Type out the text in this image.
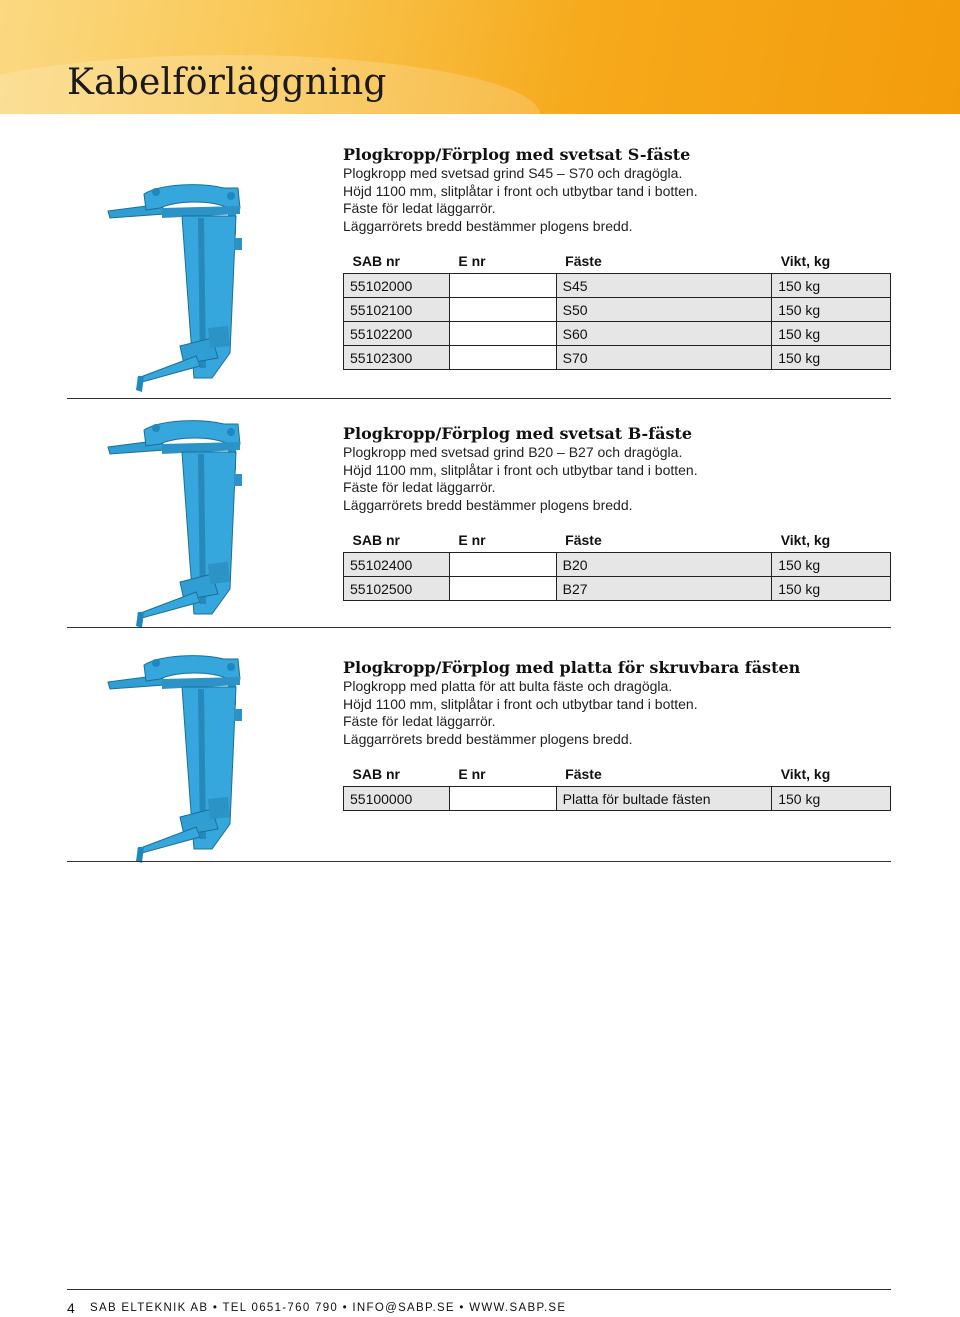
Kabelförläggning
Plogkropp/Förplog med svetsat S-fäste

Plogkropp med svetsad grind S45 – S70 och dragögla.

Höjd 1100 mm, slitplåtar i front och utbytbar tand i botten.

Fäste för ledat läggarrör.

Läggarrörets bredd bestämmer plogens bredd.

SAB nr	E nr	Fäste	Vikt, kg
55102000		S45	150 kg
55102100		S50	150 kg
55102200		S60	150 kg
55102300		S70	150 kg
Plogkropp/Förplog med svetsat B-fäste

Plogkropp med svetsad grind B20 – B27 och dragögla.

Höjd 1100 mm, slitplåtar i front och utbytbar tand i botten.

Fäste för ledat läggarrör.

Läggarrörets bredd bestämmer plogens bredd.

SAB nr	E nr	Fäste	Vikt, kg
55102400		B20	150 kg
55102500		B27	150 kg
Plogkropp/Förplog med platta för skruvbara fästen

Plogkropp med platta för att bulta fäste och dragögla.

Höjd 1100 mm, slitplåtar i front och utbytbar tand i botten.

Fäste för ledat läggarrör.

Läggarrörets bredd bestämmer plogens bredd.

SAB nr	E nr	Fäste	Vikt, kg
55100000		Platta för bultade fästen	150 kg
4 SAB ELTEKNIK AB • TEL 0651-760 790 • INFO@SABP.SE • WWW.SABP.SE
